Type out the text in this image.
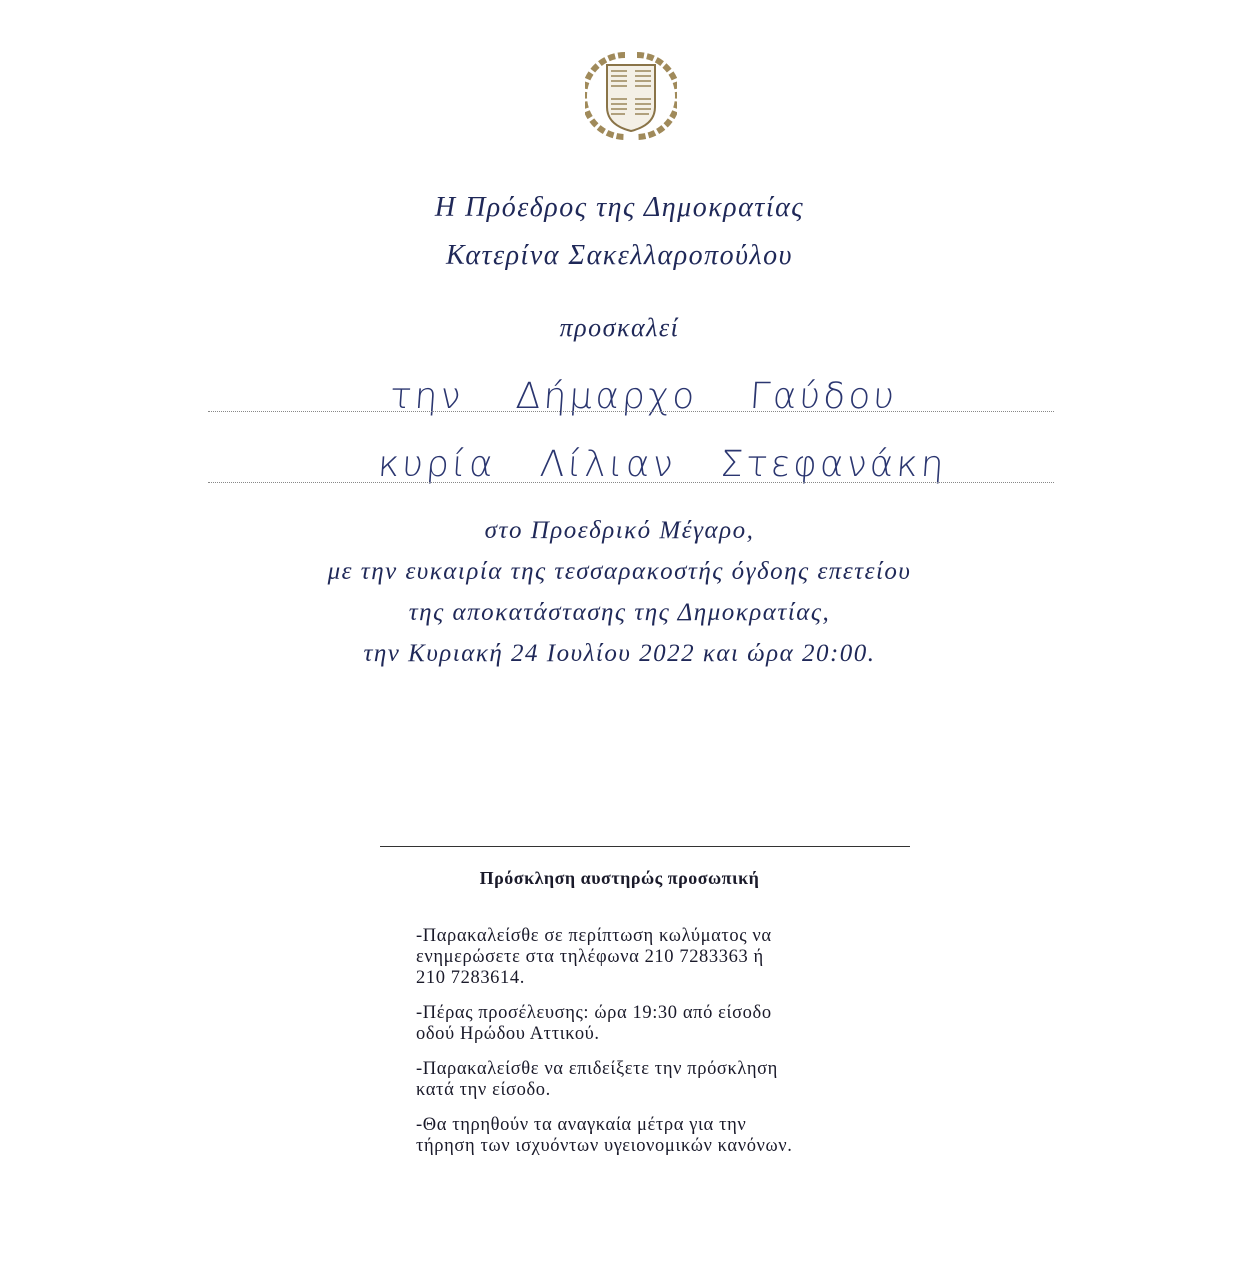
Η Πρόεδρος της Δημοκρατίας
Κατερίνα Σακελλαροπούλου
προσκαλεί
την Δήμαρχο Γαύδου
κυρία Λίλιαν Στεφανάκη
στο Προεδρικό Μέγαρο,
με την ευκαιρία της τεσσαρακοστής όγδοης επετείου
της αποκατάστασης της Δημοκρατίας,
την Κυριακή 24 Ιουλίου 2022 και ώρα 20:00.
Πρόσκληση αυστηρώς προσωπική
-Παρακαλείσθε σε περίπτωση κωλύματος να
ενημερώσετε στα τηλέφωνα 210 7283363 ή
210 7283614.
-Πέρας προσέλευσης: ώρα 19:30 από είσοδο
οδού Ηρώδου Αττικού.
-Παρακαλείσθε να επιδείξετε την πρόσκληση
κατά την είσοδο.
-Θα τηρηθούν τα αναγκαία μέτρα για την
τήρηση των ισχυόντων υγειονομικών κανόνων.
